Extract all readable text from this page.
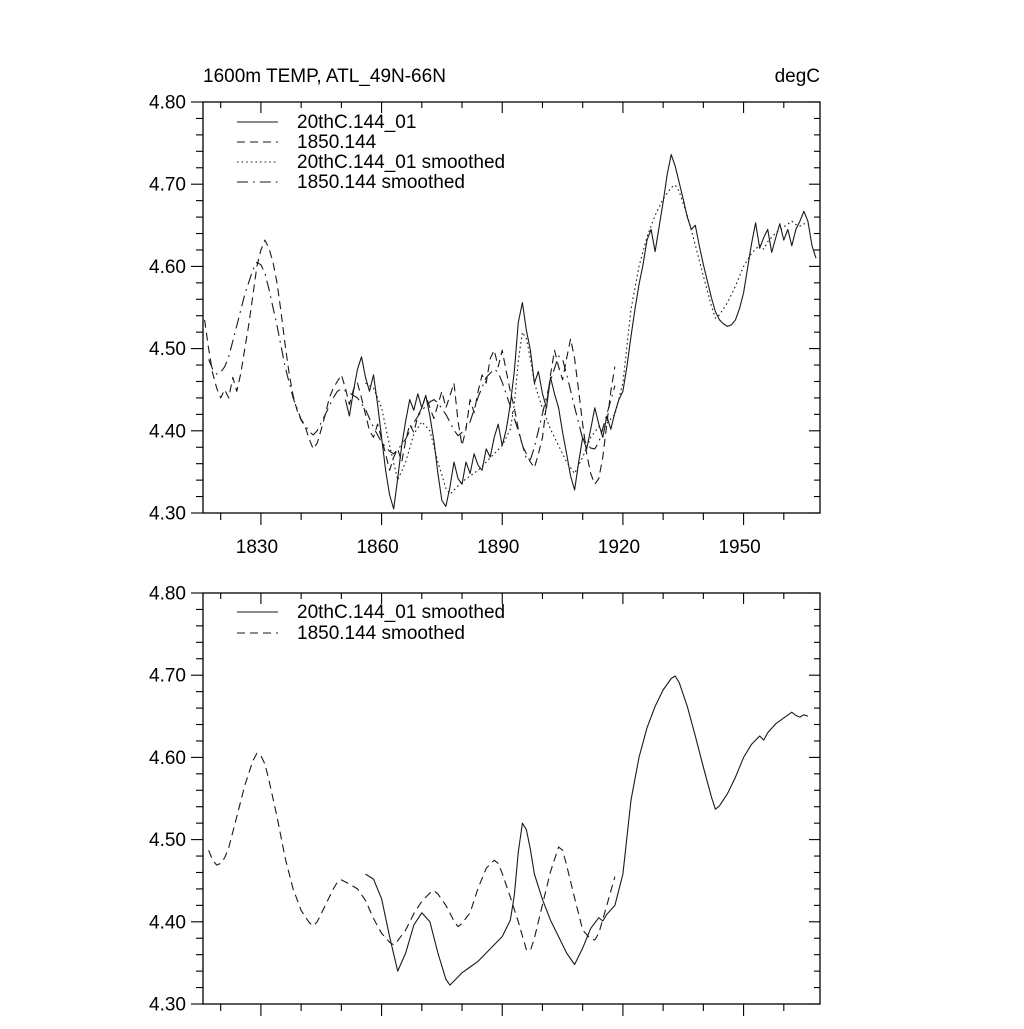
1600m TEMP, ATL_49N-66N	degC
4.30
4.40
4.50
4.60
4.70
4.80
1830	1860	1890	1920	1950
20thC.144_01
1850.144
20thC.144_01 smoothed
1850.144 smoothed
4.30
4.40
4.50
4.60
4.70
4.80
20thC.144_01 smoothed
1850.144 smoothed
